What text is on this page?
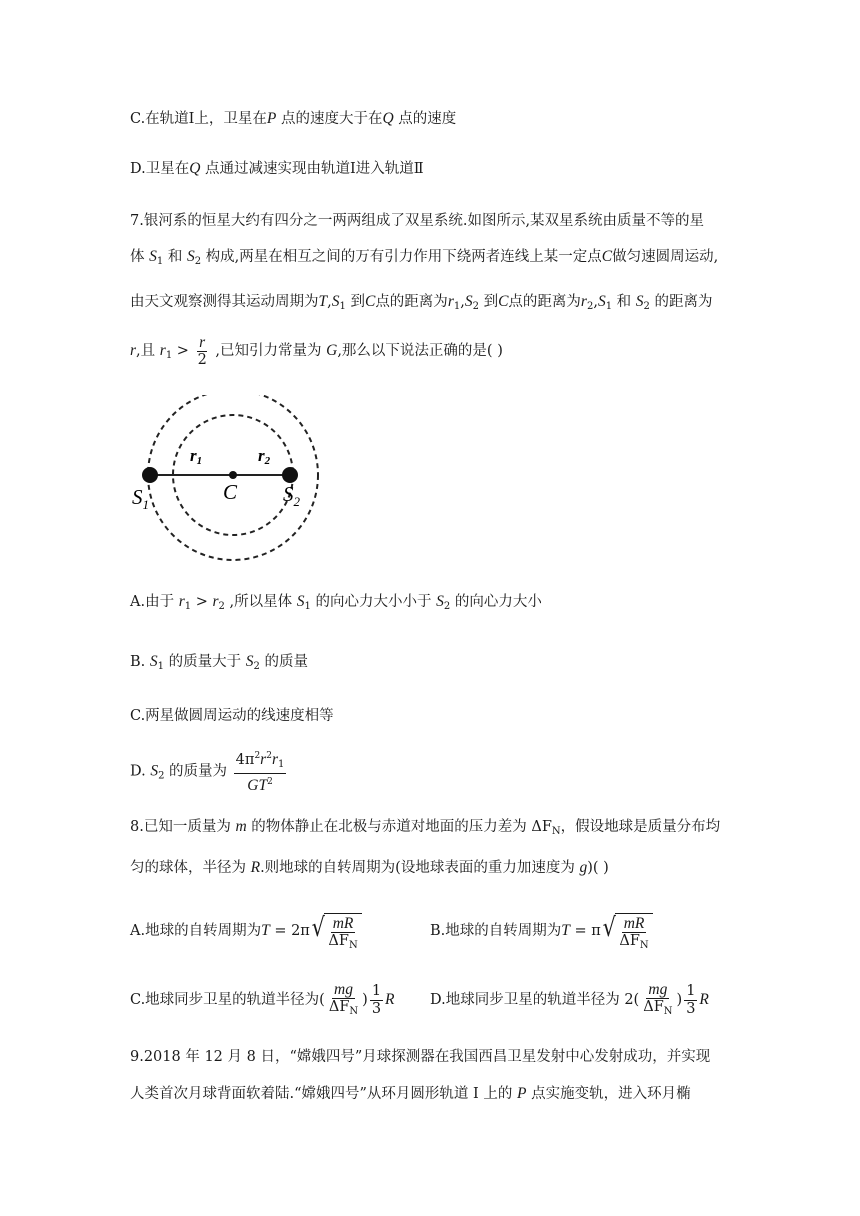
C.在轨道Ⅰ上，卫星在P 点的速度大于在Q 点的速度
D.卫星在Q 点通过减速实现由轨道Ⅰ进入轨道Ⅱ
7.银河系的恒星大约有四分之一两两组成了双星系统.如图所示,某双星系统由质量不等的星
体 $S_1$ 和 $S_2$ 构成,两星在相互之间的万有引力作用下绕两者连线上某一定点C做匀速圆周运动,
由天文观察测得其运动周期为$T,S_1$ 到C点的距离为$r_1,S_2$ 到C点的距离为$r_2,S_1$ 和 $S_2$ 的距离为
r,且 $r_1 > \frac{r}{2}$ ,已知引力常量为 G,那么以下说法正确的是( )
r1	r2
C
$S_1$	$S_2$
A.由于 $r_1 > r_2$ ,所以星体 $S_1$ 的向心力大小小于 $S_2$ 的向心力大小
B. $S_1$ 的质量大于 $S_2$ 的质量
C.两星做圆周运动的线速度相等
D. $S_2$ 的质量为 $\frac{4\pi^2r^2r_1}{GT^2}$
8.已知一质量为 m 的物体静止在北极与赤道对地面的压力差为 $\Delta F_N$，假设地球是质量分布均
匀的球体，半径为 R.则地球的自转周期为(设地球表面的重力加速度为 g)( )
A.地球的自转周期为T = 2π √ $\frac{mR}{\Delta F_N}$	B.地球的自转周期为T = π √ $\frac{mR}{\Delta F_N}$
C.地球同步卫星的轨道半径为( $\frac{mg}{\Delta F_N}$ ) $\frac{1}{3}$ R D.地球同步卫星的轨道半径为 $2( \frac{mg}{\Delta F_N}$ ) $\frac{1}{3}$ R
9.2018 年 12 月 8 日，“嫦娥四号”月球探测器在我国西昌卫星发射中心发射成功，并实现
人类首次月球背面软着陆.“嫦娥四号”从环月圆形轨道 I 上的 P 点实施变轨，进入环月椭
